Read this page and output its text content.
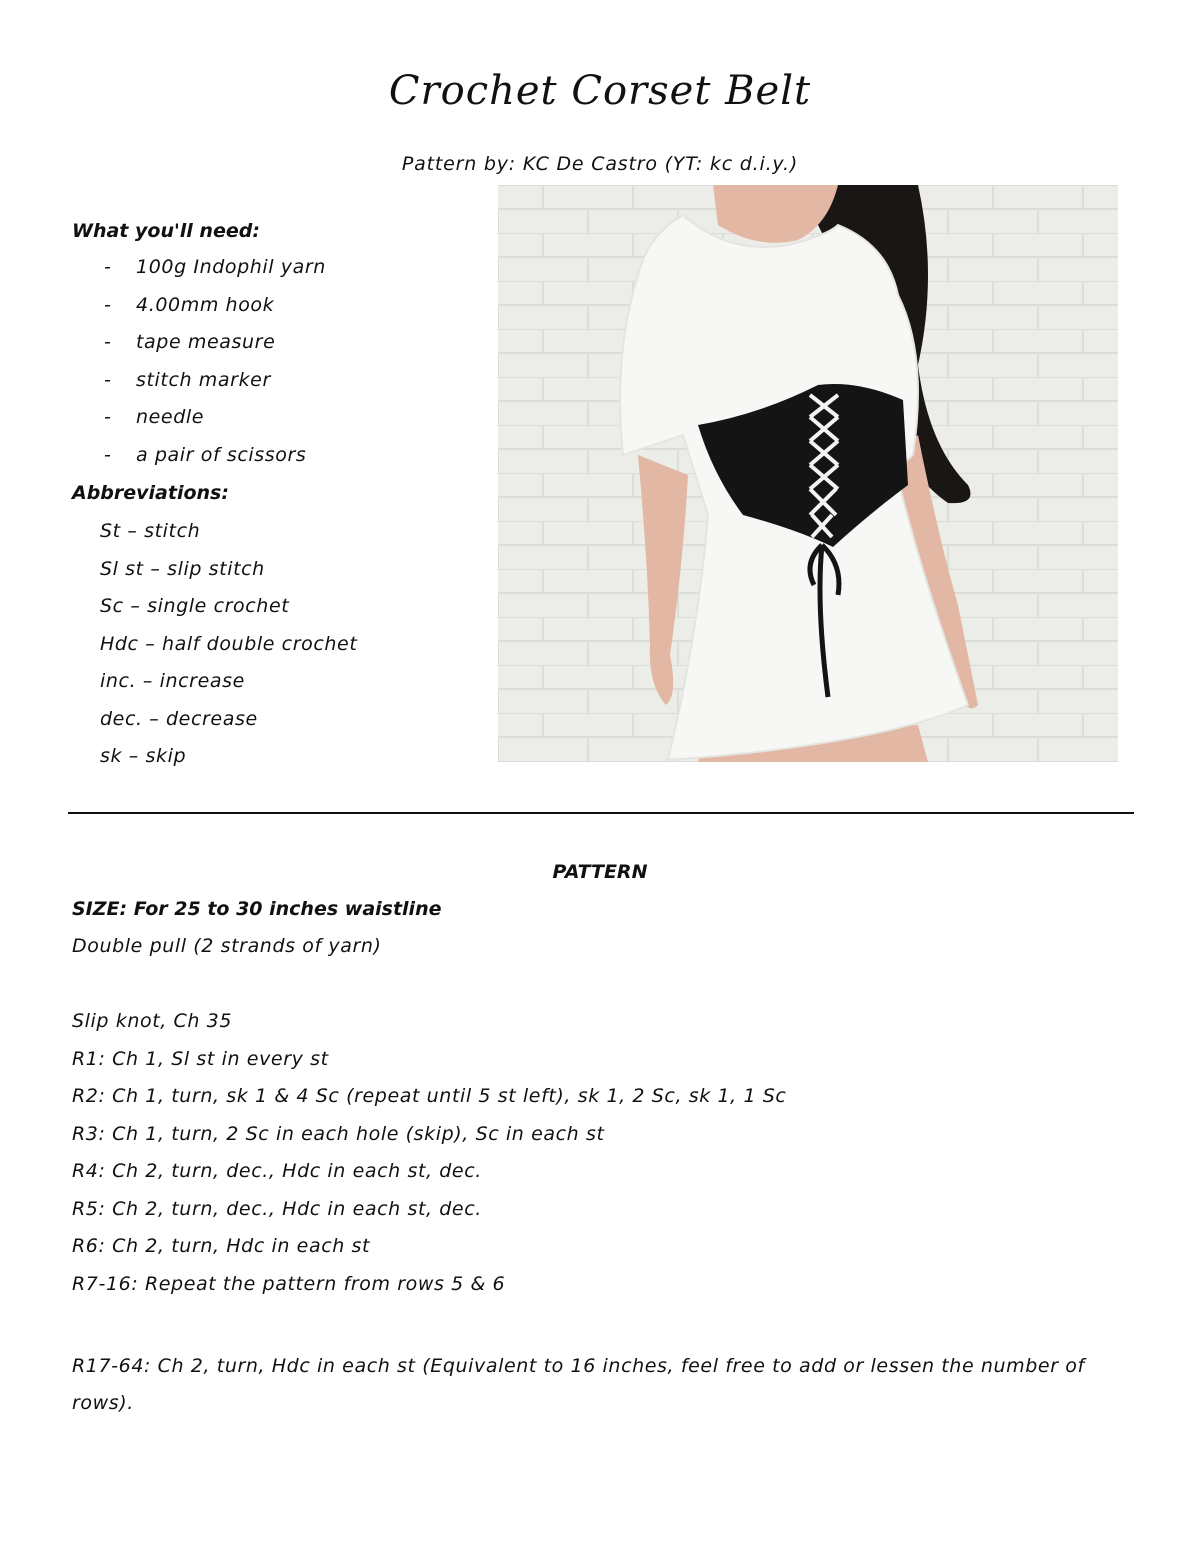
Crochet Corset Belt
Pattern by: KC De Castro (YT: kc d.i.y.)
What you'll need:
-	100g Indophil yarn
-	4.00mm hook
-	tape measure
-	stitch marker
-	needle
-	a pair of scissors
Abbreviations:
St – stitch
Sl st – slip stitch
Sc – single crochet
Hdc – half double crochet
inc. – increase
dec. – decrease
sk – skip
PATTERN
SIZE: For 25 to 30 inches waistline
Double pull (2 strands of yarn)
Slip knot, Ch 35
R1: Ch 1, Sl st in every st
R2: Ch 1, turn, sk 1 & 4 Sc (repeat until 5 st left), sk 1, 2 Sc, sk 1, 1 Sc
R3: Ch 1, turn, 2 Sc in each hole (skip), Sc in each st
R4: Ch 2, turn, dec., Hdc in each st, dec.
R5: Ch 2, turn, dec., Hdc in each st, dec.
R6: Ch 2, turn, Hdc in each st
R7-16: Repeat the pattern from rows 5 & 6
R17-64: Ch 2, turn, Hdc in each st (Equivalent to 16 inches, feel free to add or lessen the number of rows).
